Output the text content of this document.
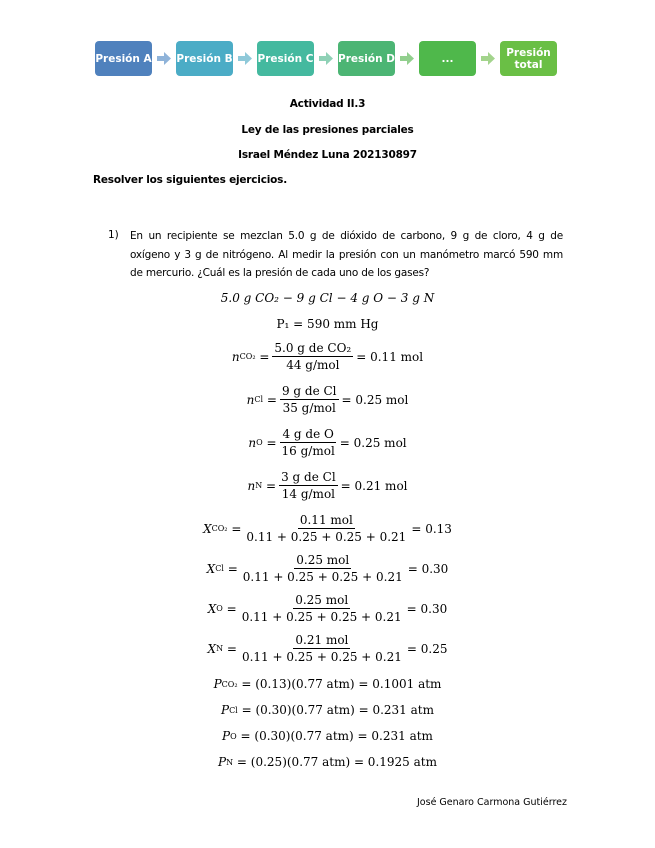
Presión A Presión B Presión C Presión D	...	Presión total
Actividad II.3
Ley de las presiones parciales
Israel Méndez Luna 202130897
Resolver los siguientes ejercicios.
1) En un recipiente se mezclan 5.0 g de dióxido de carbono, 9 g de cloro, 4 g de oxígeno y 3 g de nitrógeno. Al medir la presión con un manómetro marcó 590 mm de mercurio. ¿Cuál es la presión de cada uno de los gases?
5.0 g CO₂ − 9 g Cl − 4 g O − 3 g N
P₁ = 590 mm Hg
n $CO_2 = \frac{\text{5.0 g de CO₂}}{\text{44 g/mol}} = 0.11$ mol
n $Cl = \frac{\text{9 g de Cl}}{\text{35 g/mol}} = 0.25$ mol
n $O = \frac{\text{4 g de O}}{\text{16 g/mol}} = 0.25$ mol
n $N = \frac{\text{3 g de Cl}}{\text{14 g/mol}} = 0.21$ mol
X $CO_2 = \frac{\text{0.11 mol}}{0.11 + 0.25 + 0.25 + 0.21} = 0.13$
X $Cl = \frac{\text{0.25 mol}}{0.11 + 0.25 + 0.25 + 0.21} = 0.30$
X $O = \frac{\text{0.25 mol}}{0.11 + 0.25 + 0.25 + 0.21} = 0.30$
X $N = \frac{\text{0.21 mol}}{0.11 + 0.25 + 0.25 + 0.21} = 0.25$
P CO₂
= (0.13)(0.77 atm) = 0.1001 atm
P Cl
= (0.30)(0.77 atm) = 0.231 atm
P O
= (0.30)(0.77 atm) = 0.231 atm
P N
= (0.25)(0.77 atm) = 0.1925 atm
José Genaro Carmona Gutiérrez
